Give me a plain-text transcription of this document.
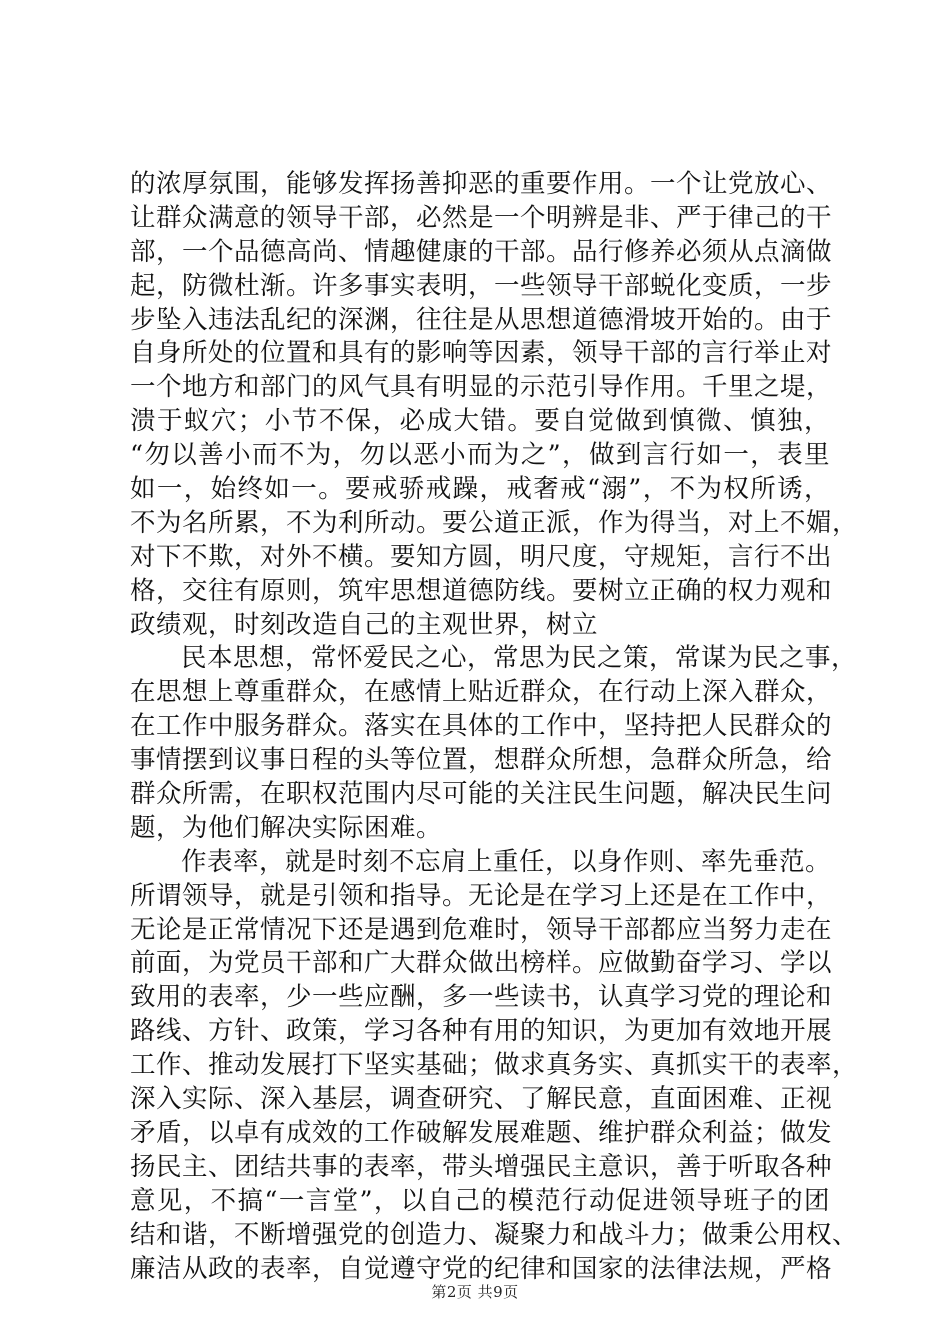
的浓厚氛围，能够发挥扬善抑恶的重要作用。一个让党放心、
让群众满意的领导干部，必然是一个明辨是非、严于律己的干
部，一个品德高尚、情趣健康的干部。品行修养必须从点滴做
起，防微杜渐。许多事实表明，一些领导干部蜕化变质，一步
步坠入违法乱纪的深渊，往往是从思想道德滑坡开始的。由于
自身所处的位置和具有的影响等因素，领导干部的言行举止对
一个地方和部门的风气具有明显的示范引导作用。千里之堤，
溃于蚁穴；小节不保，必成大错。要自觉做到慎微、慎独，
“勿以善小而不为，勿以恶小而为之”，做到言行如一，表里
如一，始终如一。要戒骄戒躁，戒奢戒“溺”，不为权所诱，
不为名所累，不为利所动。要公道正派，作为得当，对上不媚，
对下不欺，对外不横。要知方圆，明尺度，守规矩，言行不出
格，交往有原则，筑牢思想道德防线。要树立正确的权力观和
政绩观，时刻改造自己的主观世界，树立
民本思想，常怀爱民之心，常思为民之策，常谋为民之事，
在思想上尊重群众，在感情上贴近群众，在行动上深入群众，
在工作中服务群众。落实在具体的工作中，坚持把人民群众的
事情摆到议事日程的头等位置，想群众所想，急群众所急，给
群众所需，在职权范围内尽可能的关注民生问题，解决民生问
题，为他们解决实际困难。
作表率，就是时刻不忘肩上重任，以身作则、率先垂范。
所谓领导，就是引领和指导。无论是在学习上还是在工作中，
无论是正常情况下还是遇到危难时，领导干部都应当努力走在
前面，为党员干部和广大群众做出榜样。应做勤奋学习、学以
致用的表率，少一些应酬，多一些读书，认真学习党的理论和
路线、方针、政策，学习各种有用的知识，为更加有效地开展
工作、推动发展打下坚实基础；做求真务实、真抓实干的表率，
深入实际、深入基层，调查研究、了解民意，直面困难、正视
矛盾，以卓有成效的工作破解发展难题、维护群众利益；做发
扬民主、团结共事的表率，带头增强民主意识，善于听取各种
意见，不搞“一言堂”，以自己的模范行动促进领导班子的团
结和谐，不断增强党的创造力、凝聚力和战斗力；做秉公用权、
廉洁从政的表率，自觉遵守党的纪律和国家的法律法规，严格
第2页 共9页
